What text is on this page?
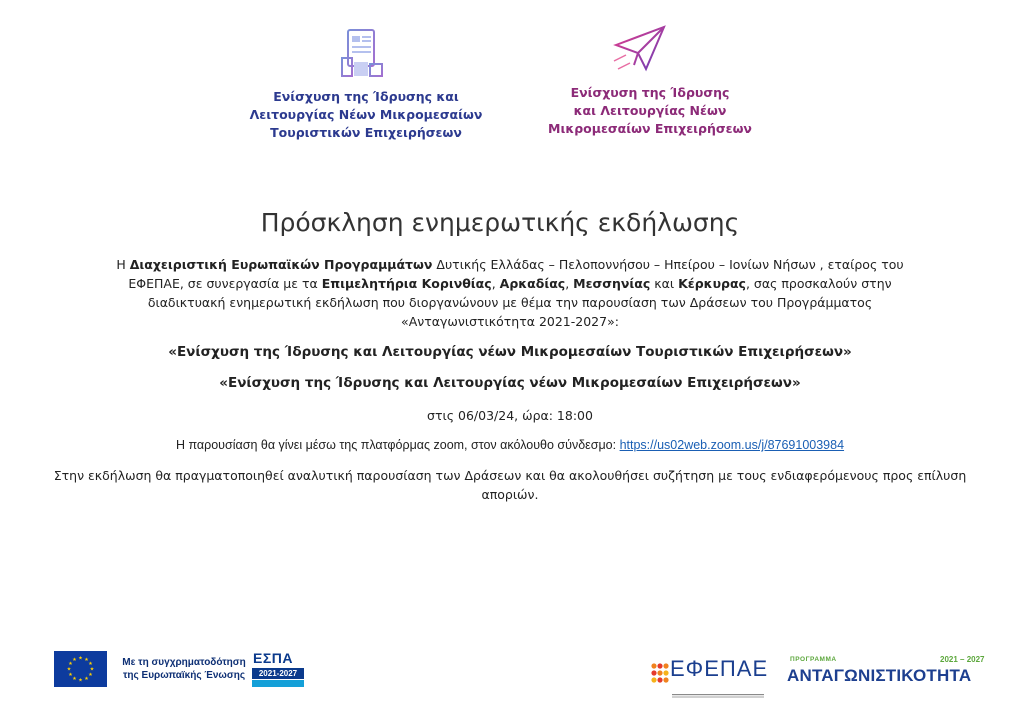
Ενίσχυση της Ίδρυσης και
Λειτουργίας Νέων Μικρομεσαίων
Τουριστικών Επιχειρήσεων
Ενίσχυση της Ίδρυσης
και Λειτουργίας Νέων
Μικρομεσαίων Επιχειρήσεων
Πρόσκληση ενημερωτικής εκδήλωσης
Η Διαχειριστική Ευρωπαϊκών Προγραμμάτων Δυτικής Ελλάδας – Πελοποννήσου – Ηπείρου – Ιονίων Νήσων , εταίρος του ΕΦΕΠΑΕ, σε συνεργασία με τα Επιμελητήρια Κορινθίας, Αρκαδίας, Μεσσηνίας και Κέρκυρας, σας προσκαλούν στην διαδικτυακή ενημερωτική εκδήλωση που διοργανώνουν με θέμα την παρουσίαση των Δράσεων του Προγράμματος «Ανταγωνιστικότητα 2021-2027»:
«Ενίσχυση της Ίδρυσης και Λειτουργίας νέων Μικρομεσαίων Τουριστικών Επιχειρήσεων»
«Ενίσχυση της Ίδρυσης και Λειτουργίας νέων Μικρομεσαίων Επιχειρήσεων»
στις 06/03/24, ώρα: 18:00
Η παρουσίαση θα γίνει μέσω της πλατφόρμας zoom, στον ακόλουθο σύνδεσμο: https://us02web.zoom.us/j/87691003984
Στην εκδήλωση θα πραγματοποιηθεί αναλυτική παρουσίαση των Δράσεων και θα ακολουθήσει συζήτηση με τους ενδιαφερόμενους προς επίλυση αποριών.
★ ★
★
★
★
★
★
★
★
★
★
★	Με τη συγχρηματοδότηση
της Ευρωπαϊκής Ένωσης
ΕΣΠΑ
2021-2027	ΕΦΕΠΑΕ	ΠΡΟΓΡΑΜΜΑ	2021 – 2027
ΑΝΤΑΓΩΝΙΣΤΙΚΟΤΗΤΑ
